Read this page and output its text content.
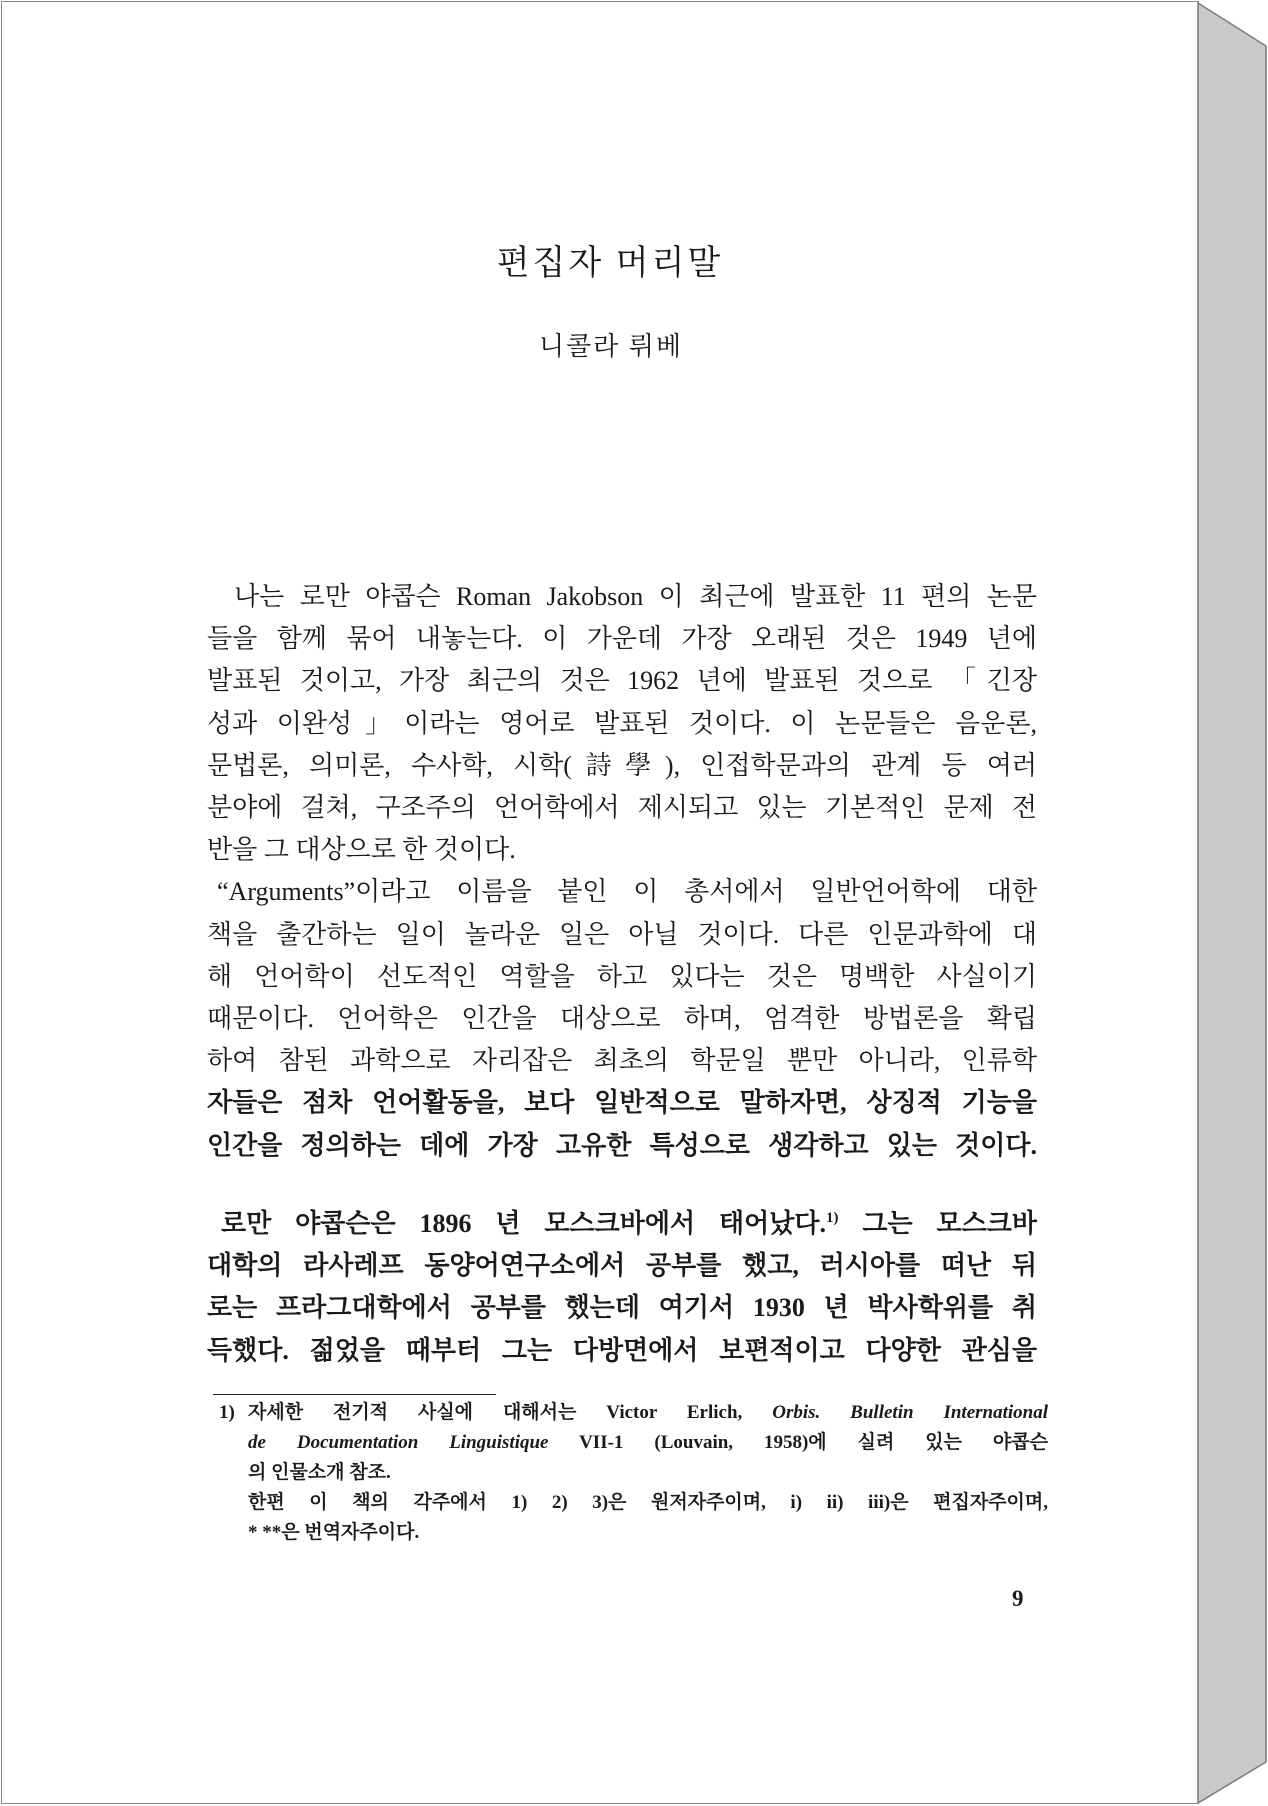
편집자 머리말
니콜라 뤼베
나는 로만 야콥슨 Roman Jakobson 이 최근에 발표한 11 편의 논문
들을 함께 묶어 내놓는다. 이 가운데 가장 오래된 것은 1949 년에
발표된 것이고, 가장 최근의 것은 1962 년에 발표된 것으로 「긴장
성과 이완성」이라는 영어로 발표된 것이다. 이 논문들은 음운론,
문법론, 의미론, 수사학, 시학(詩學), 인접학문과의 관계 등 여러
분야에 걸쳐, 구조주의 언어학에서 제시되고 있는 기본적인 문제 전
반을 그 대상으로 한 것이다.
“Arguments”이라고 이름을 붙인 이 총서에서 일반언어학에 대한
책을 출간하는 일이 놀라운 일은 아닐 것이다. 다른 인문과학에 대
해 언어학이 선도적인 역할을 하고 있다는 것은 명백한 사실이기
때문이다. 언어학은 인간을 대상으로 하며, 엄격한 방법론을 확립
하여 참된 과학으로 자리잡은 최초의 학문일 뿐만 아니라, 인류학
자들은 점차 언어활동을, 보다 일반적으로 말하자면, 상징적 기능을
인간을 정의하는 데에 가장 고유한 특성으로 생각하고 있는 것이다.
로만 야콥슨은 1896 년 모스크바에서 태어났다.$^{1)}$ 그는 모스크바
대학의 라사레프 동양어연구소에서 공부를 했고, 러시아를 떠난 뒤
로는 프라그대학에서 공부를 했는데 여기서 1930 년 박사학위를 취
득했다. 젊었을 때부터 그는 다방면에서 보편적이고 다양한 관심을
1) 자세한 전기적 사실에 대해서는 Victor Erlich, Orbis. Bulletin International
de Documentation Linguistique VII-1 (Louvain, 1958)에 실려 있는 야콥슨
의 인물소개 참조.
한편 이 책의 각주에서 1) 2) 3)은 원저자주이며, i) ii) iii)은 편집자주이며,
* **은 번역자주이다.
9
